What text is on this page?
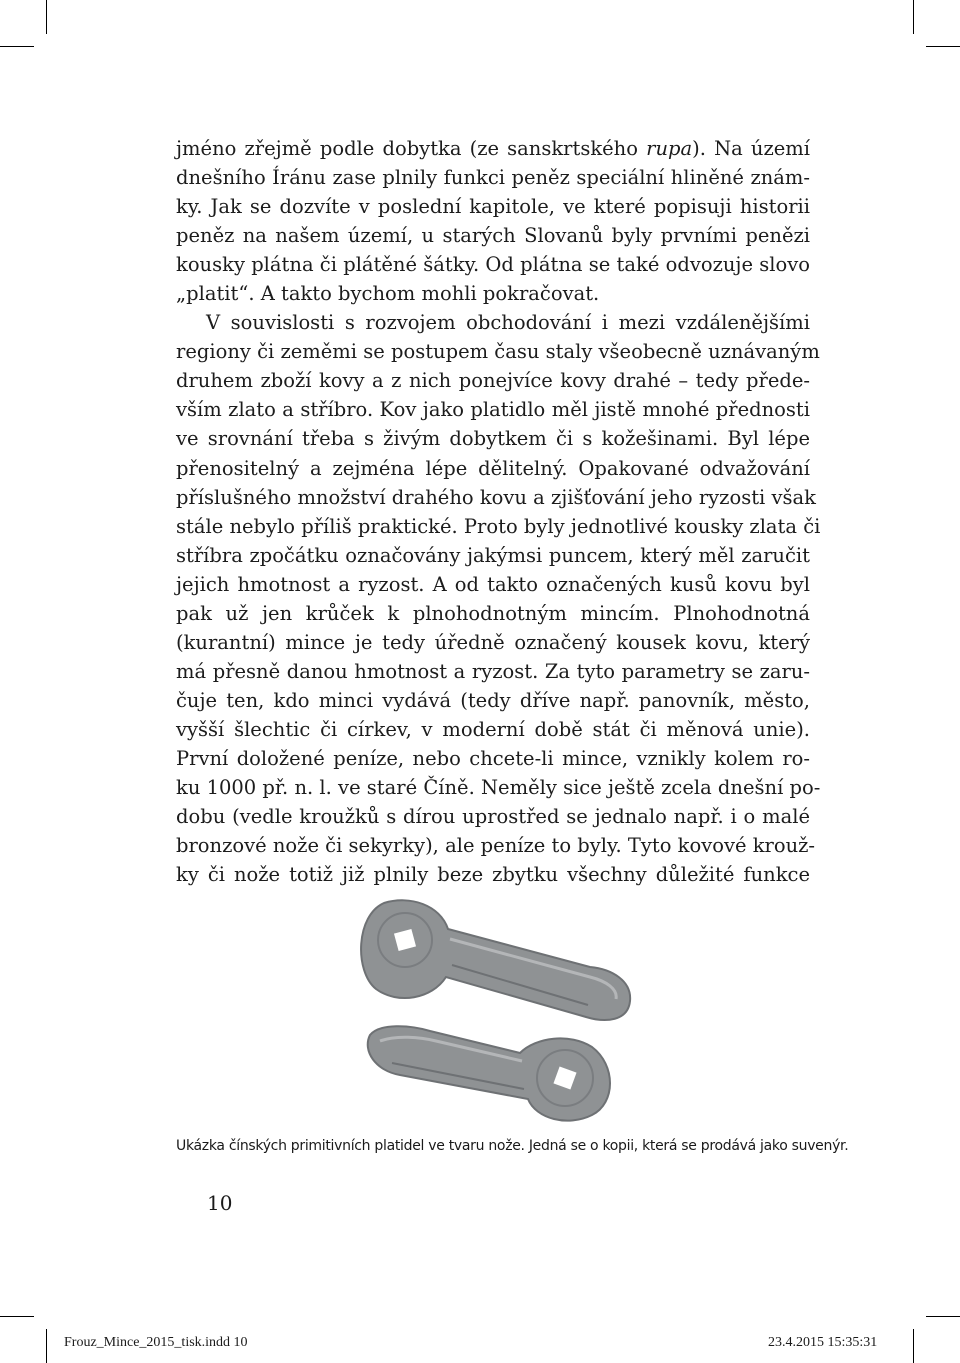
jméno zřejmě podle dobytka (ze sanskrtského rupa). Na území
dnešního Íránu zase plnily funkci peněz speciální hliněné znám-
ky. Jak se dozvíte v poslední kapitole, ve které popisuji historii
peněz na našem území, u starých Slovanů byly prvními penězi
kousky plátna či plátěné šátky. Od plátna se také odvozuje slovo
„platit“. A takto bychom mohli pokračovat.
V souvislosti s rozvojem obchodování i mezi vzdálenějšími
regiony či zeměmi se postupem času staly všeobecně uznávaným
druhem zboží kovy a z nich ponejvíce kovy drahé – tedy přede-
vším zlato a stříbro. Kov jako platidlo měl jistě mnohé přednosti
ve srovnání třeba s živým dobytkem či s kožešinami. Byl lépe
přenositelný a zejména lépe dělitelný. Opakované odvažování
příslušného množství drahého kovu a zjišťování jeho ryzosti však
stále nebylo příliš praktické. Proto byly jednotlivé kousky zlata či
stříbra zpočátku označovány jakýmsi puncem, který měl zaručit
jejich hmotnost a ryzost. A od takto označených kusů kovu byl
pak už jen krůček k plnohodnotným mincím. Plnohodnotná
(kurantní) mince je tedy úředně označený kousek kovu, který
má přesně danou hmotnost a ryzost. Za tyto parametry se zaru-
čuje ten, kdo minci vydává (tedy dříve např. panovník, město,
vyšší šlechtic či církev, v moderní době stát či měnová unie).
První doložené peníze, nebo chcete-li mince, vznikly kolem ro-
ku 1000 př. n. l. ve staré Číně. Neměly sice ještě zcela dnešní po-
dobu (vedle kroužků s dírou uprostřed se jednalo např. i o malé
bronzové nože či sekyrky), ale peníze to byly. Tyto kovové krouž-
ky či nože totiž již plnily beze zbytku všechny důležité funkce
Ukázka čínských primitivních platidel ve tvaru nože. Jedná se o kopii, která se prodává jako suvenýr.
10
Frouz_Mince_2015_tisk.indd 10	23.4.2015 15:35:31
